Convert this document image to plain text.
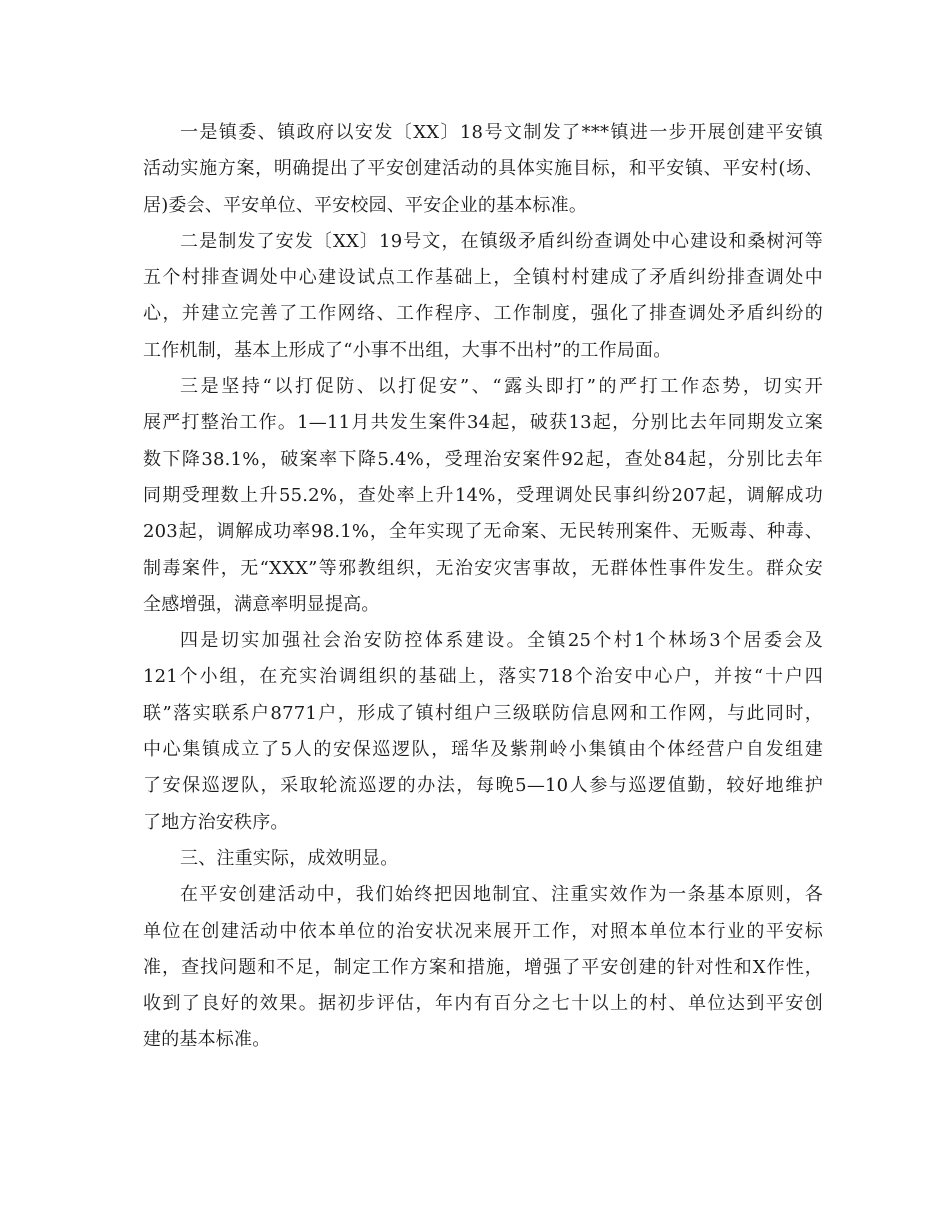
一是镇委、镇政府以安发〔XX〕18号文制发了***镇进一步开展创建平安镇
活动实施方案，明确提出了平安创建活动的具体实施目标，和平安镇、平安村(场、
居)委会、平安单位、平安校园、平安企业的基本标准。
二是制发了安发〔XX〕19号文，在镇级矛盾纠纷查调处中心建设和桑树河等
五个村排查调处中心建设试点工作基础上，全镇村村建成了矛盾纠纷排查调处中
心，并建立完善了工作网络、工作程序、工作制度，强化了排查调处矛盾纠纷的
工作机制，基本上形成了“小事不出组，大事不出村”的工作局面。
三是坚持“以打促防、以打促安”、“露头即打”的严打工作态势，切实开
展严打整治工作。1—11月共发生案件34起，破获13起，分别比去年同期发立案
数下降38.1%，破案率下降5.4%，受理治安案件92起，查处84起，分别比去年
同期受理数上升55.2%，查处率上升14%，受理调处民事纠纷207起，调解成功
203起，调解成功率98.1%，全年实现了无命案、无民转刑案件、无贩毒、种毒、
制毒案件，无“XXX”等邪教组织，无治安灾害事故，无群体性事件发生。群众安
全感增强，满意率明显提高。
四是切实加强社会治安防控体系建设。全镇25个村1个林场3个居委会及
121个小组，在充实治调组织的基础上，落实718个治安中心户，并按“十户四
联”落实联系户8771户，形成了镇村组户三级联防信息网和工作网，与此同时，
中心集镇成立了5人的安保巡逻队，瑶华及紫荆岭小集镇由个体经营户自发组建
了安保巡逻队，采取轮流巡逻的办法，每晚5—10人参与巡逻值勤，较好地维护
了地方治安秩序。
三、注重实际，成效明显。
在平安创建活动中，我们始终把因地制宜、注重实效作为一条基本原则，各
单位在创建活动中依本单位的治安状况来展开工作，对照本单位本行业的平安标
准，查找问题和不足，制定工作方案和措施，增强了平安创建的针对性和X作性，
收到了良好的效果。据初步评估，年内有百分之七十以上的村、单位达到平安创
建的基本标准。
